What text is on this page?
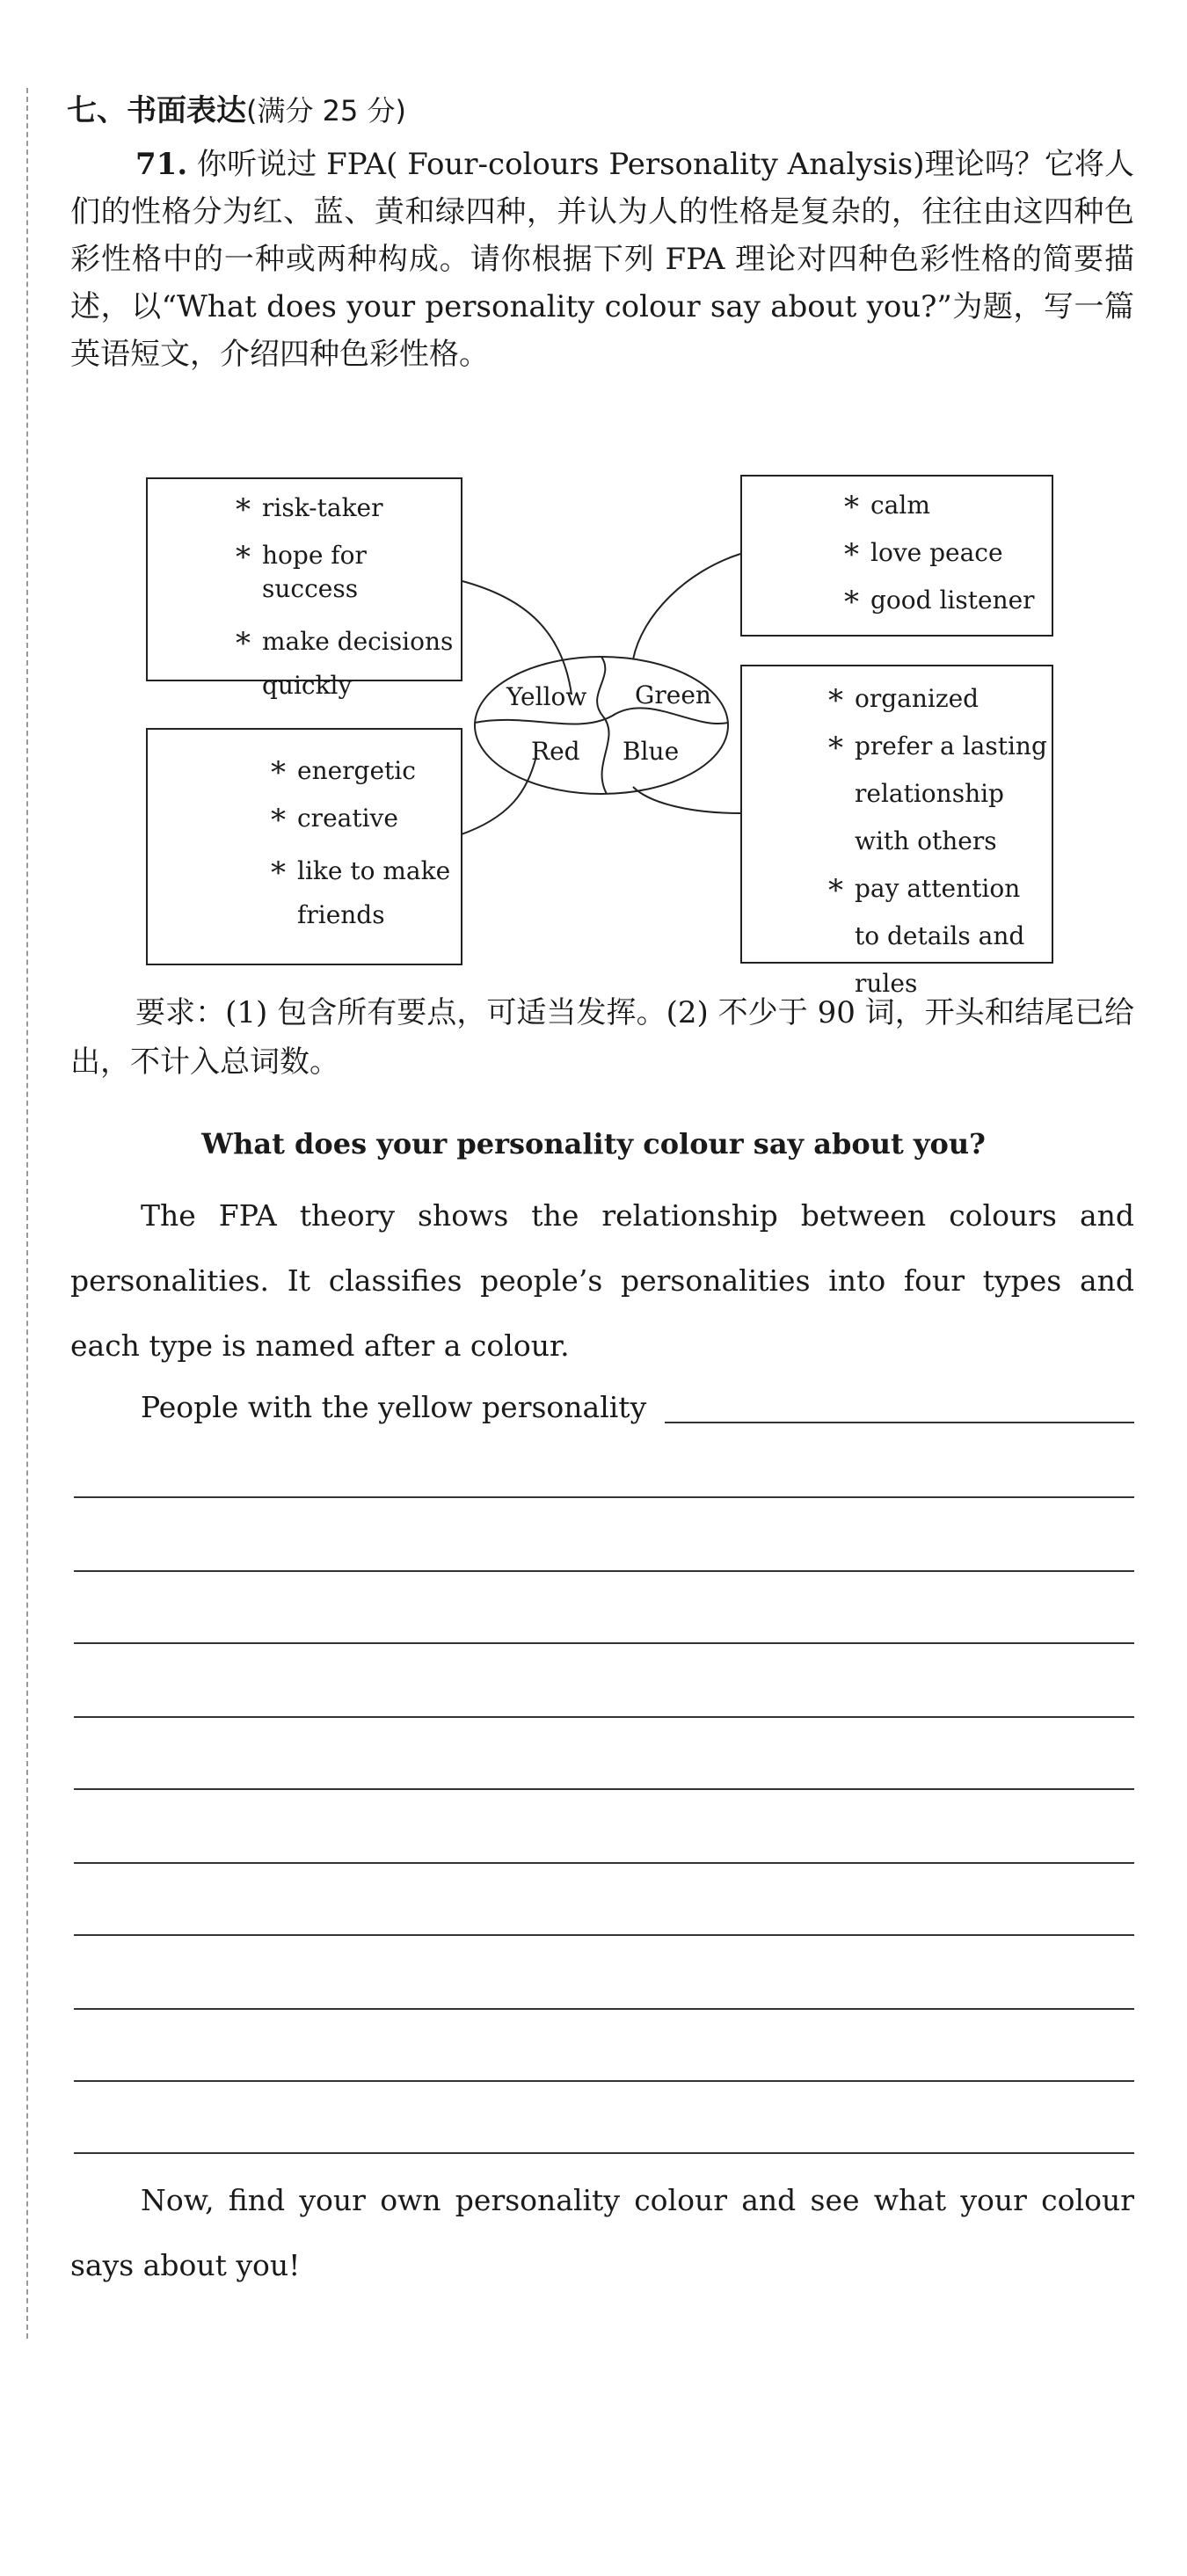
七、书面表达(满分 25 分)
71. 你听说过 FPA( Four-colours Personality Analysis)理论吗？它将人们的性格分为红、蓝、黄和绿四种，并认为人的性格是复杂的，往往由这四种色彩性格中的一种或两种构成。请你根据下列 FPA 理论对四种色彩性格的简要描述，以“What does your personality colour say about you?”为题，写一篇英语短文，介绍四种色彩性格。
Yellow Green
Red Blue
* risk-taker
* hope for success
* make decisions quickly
* calm
* love peace
* good listener
* energetic
* creative
* like to make friends
* organized
* prefer a lasting relationship with others
* pay attention to details and rules
要求：(1) 包含所有要点，可适当发挥。(2) 不少于 90 词，开头和结尾已给出，不计入总词数。
What does your personality colour say about you?
The FPA theory shows the relationship between colours and personalities. It classifies people’s personalities into four types and each type is named after a colour.
People with the yellow personality
Now, find your own personality colour and see what your colour says about you!
